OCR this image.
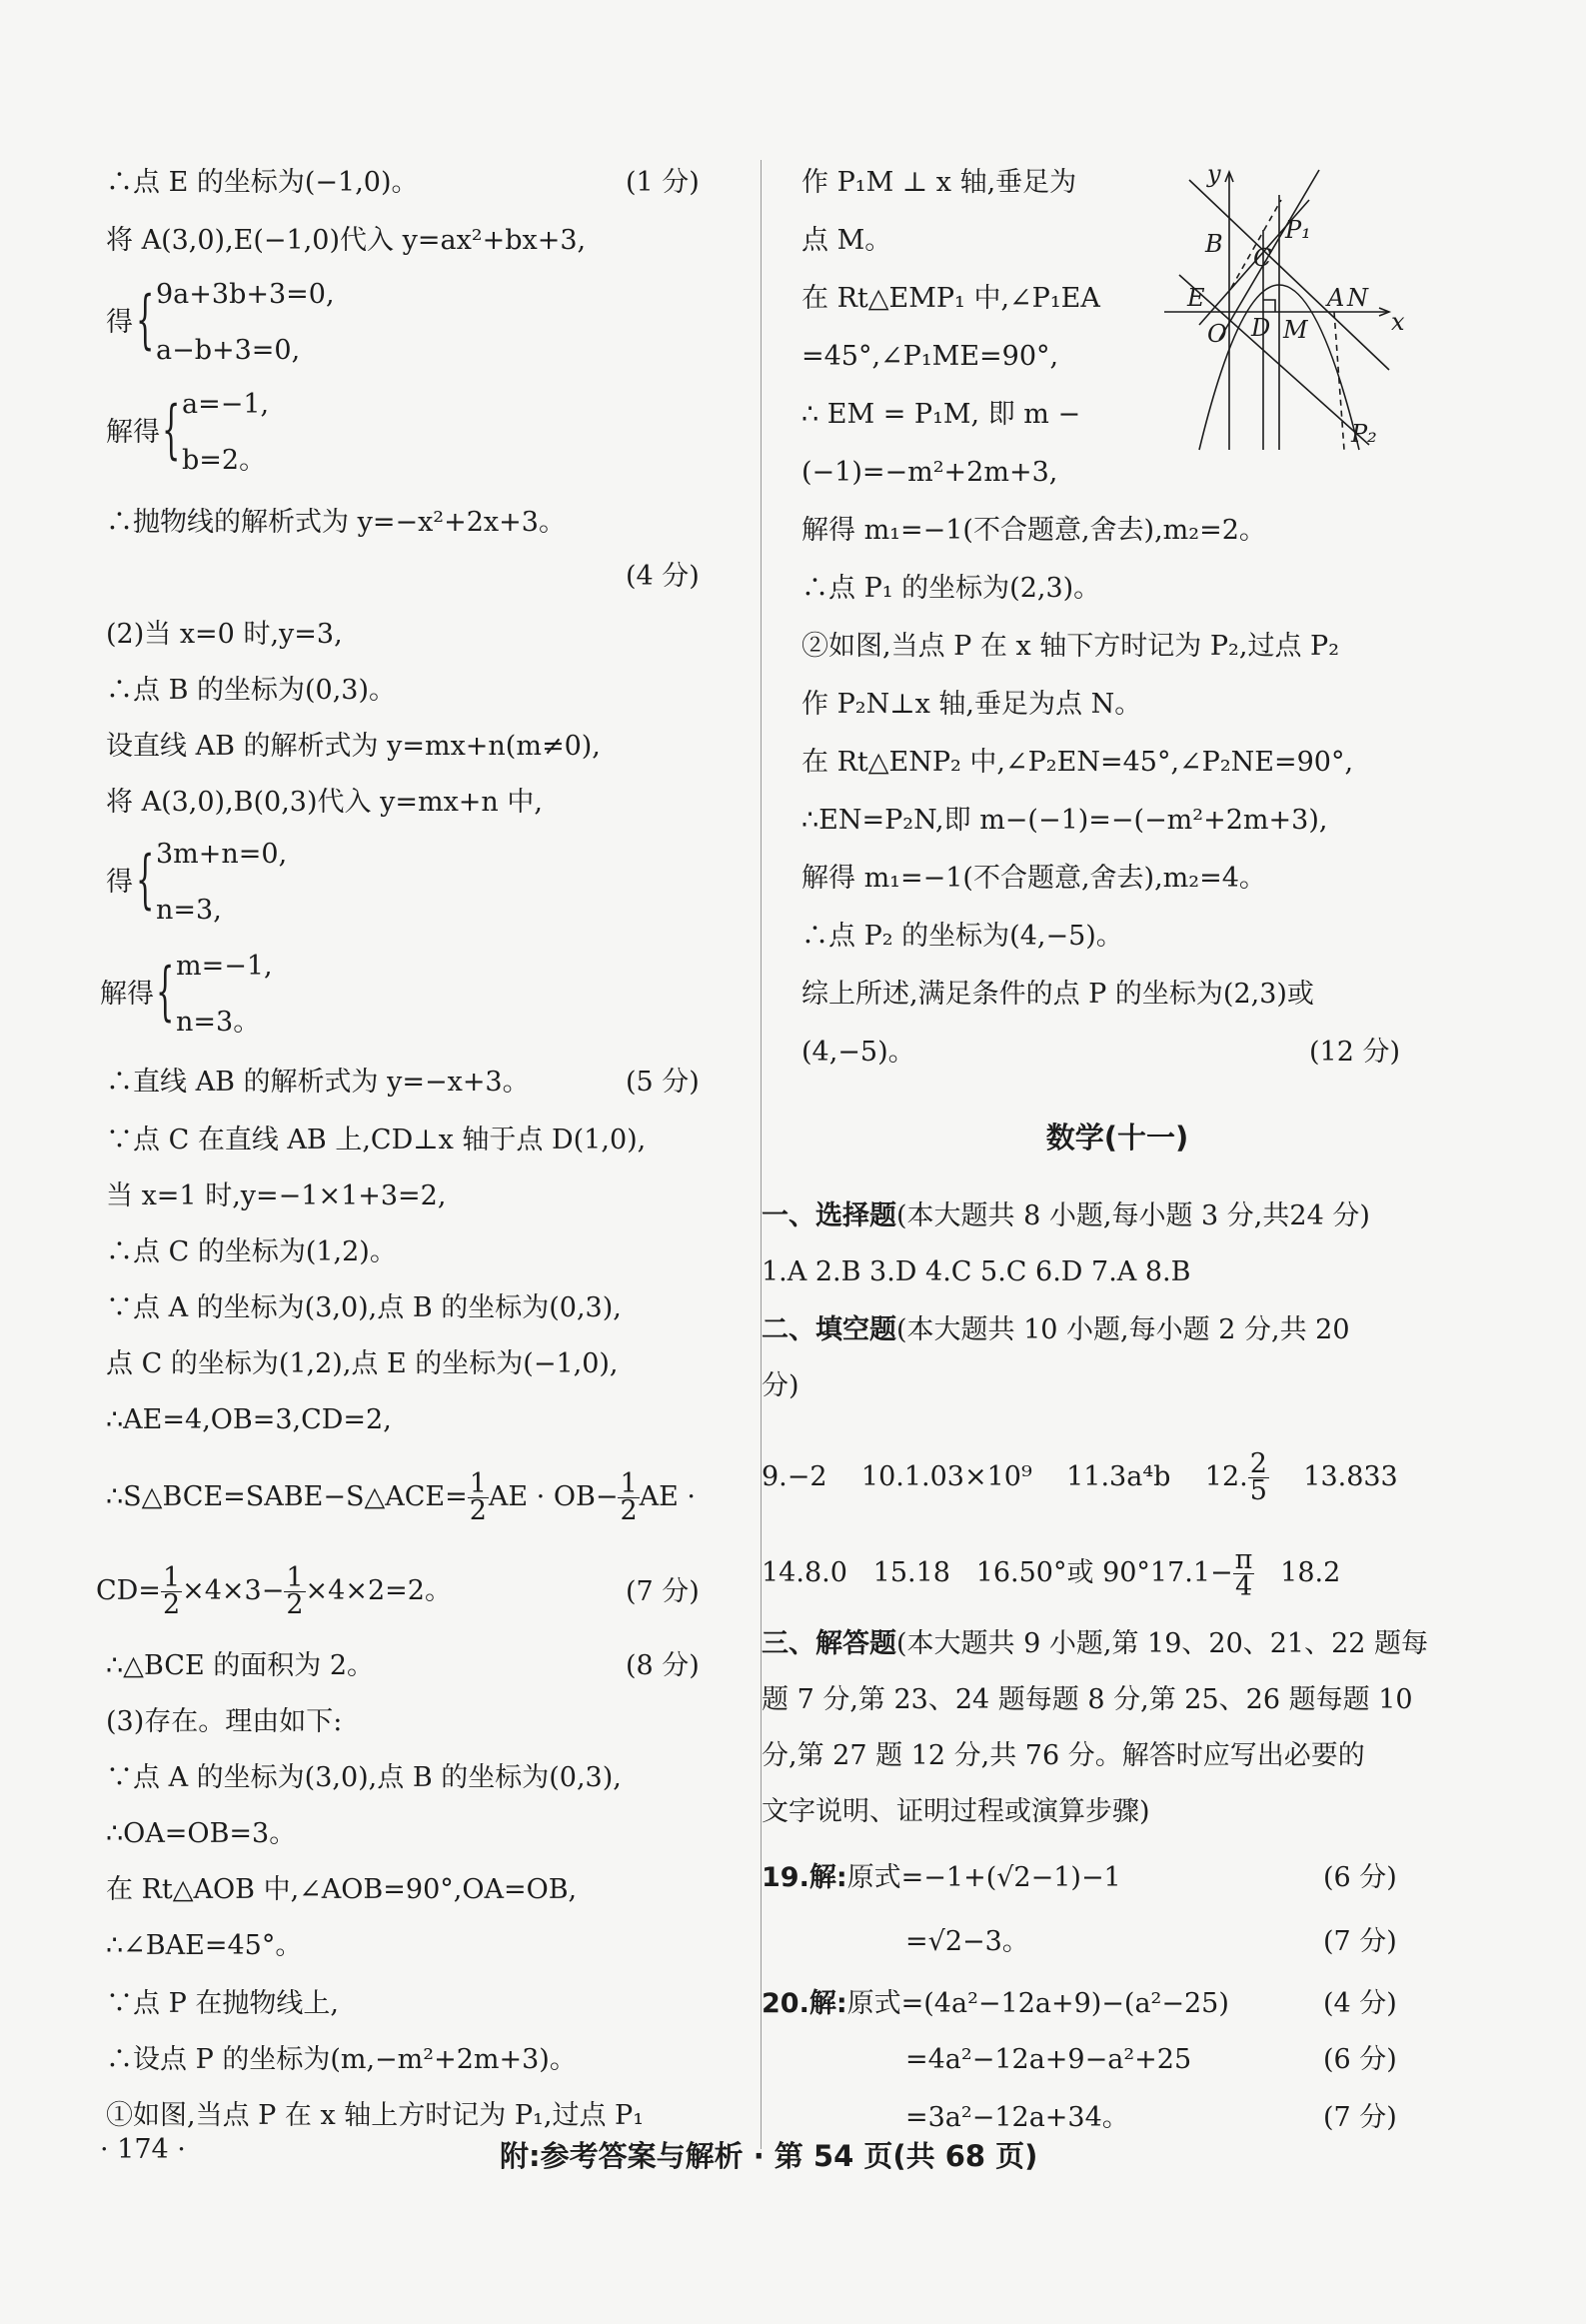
∴点 E 的坐标为(−1,0)。	(1 分)
将 A(3,0),E(−1,0)代入 y=ax²+bx+3,
得 { 9a+3b+3=0,
a−b+3=0,
解得 { a=−1,
b=2。
∴抛物线的解析式为 y=−x²+2x+3。
(4 分)
(2)当 x=0 时,y=3,
∴点 B 的坐标为(0,3)。
设直线 AB 的解析式为 y=mx+n(m≠0),
将 A(3,0),B(0,3)代入 y=mx+n 中,
得 { 3m+n=0,
n=3,
解得 { m=−1,
n=3。
∴直线 AB 的解析式为 y=−x+3。	(5 分)
∵点 C 在直线 AB 上,CD⊥x 轴于点 D(1,0),
当 x=1 时,y=−1×1+3=2,
∴点 C 的坐标为(1,2)。
∵点 A 的坐标为(3,0),点 B 的坐标为(0,3),
点 C 的坐标为(1,2),点 E 的坐标为(−1,0),
∴AE=4,OB=3,CD=2,
∴S△BCE=SABE−S△ACE= $\frac{1}{2}$ AE · $OB- \frac{1}{2}$ AE ·
$CD= \frac{1}{2} \times 4\times 3- \frac{1}{2} \times 4\times 2=2$。	(7 分)
∴△BCE 的面积为 2。	(8 分)
(3)存在。理由如下:
∵点 A 的坐标为(3,0),点 B 的坐标为(0,3),
∴OA=OB=3。
在 Rt△AOB 中,∠AOB=90°,OA=OB,
∴∠BAE=45°。
∵点 P 在抛物线上,
∴设点 P 的坐标为(m,−m²+2m+3)。
①如图,当点 P 在 x 轴上方时记为 P₁,过点 P₁
作 P₁M ⊥ x 轴,垂足为
点 M。
在 Rt△EMP₁ 中,∠P₁EA
=45°,∠P₁ME=90°,
∴ EM = P₁M, 即 m −
(−1)=−m²+2m+3,
解得 m₁=−1(不合题意,舍去),m₂=2。
∴点 P₁ 的坐标为(2,3)。
②如图,当点 P 在 x 轴下方时记为 P₂,过点 P₂
作 P₂N⊥x 轴,垂足为点 N。
在 Rt△ENP₂ 中,∠P₂EN=45°,∠P₂NE=90°,
∴EN=P₂N,即 m−(−1)=−(−m²+2m+3),
解得 m₁=−1(不合题意,舍去),m₂=4。
∴点 P₂ 的坐标为(4,−5)。
综上所述,满足条件的点 P 的坐标为(2,3)或
(4,−5)。	(12 分)
数学(十一)
一、选择题(本大题共 8 小题,每小题 3 分,共24 分)
1.A 2.B 3.D 4.C 5.C 6.D 7.A 8.B
二、填空题(本大题共 10 小题,每小题 2 分,共 20
分)
9.−2 10.1.03×10⁹ 11.3a⁴b 12. $\frac{2}{5} 13.833$
14.8.0 15.18 16.50°或 $90^\circ 17.1- \frac{\pi}{4} 18.2$
三、解答题(本大题共 9 小题,第 19、20、21、22 题每
题 7 分,第 23、24 题每题 8 分,第 25、26 题每题 10
分,第 27 题 12 分,共 76 分。解答时应写出必要的
文字说明、证明过程或演算步骤)
19.解:原式=−1+(√2−1)−1	(6 分)
=√2−3。	(7 分)
20.解:原式=(4a²−12a+9)−(a²−25)	(4 分)
=4a²−12a+9−a²+25	(6 分)
=3a²−12a+34。	(7 分)
y
x
B	P₁
C
E
D M
A N
O
P₂
· 174 ·	附:参考答案与解析 · 第 54 页(共 68 页)
